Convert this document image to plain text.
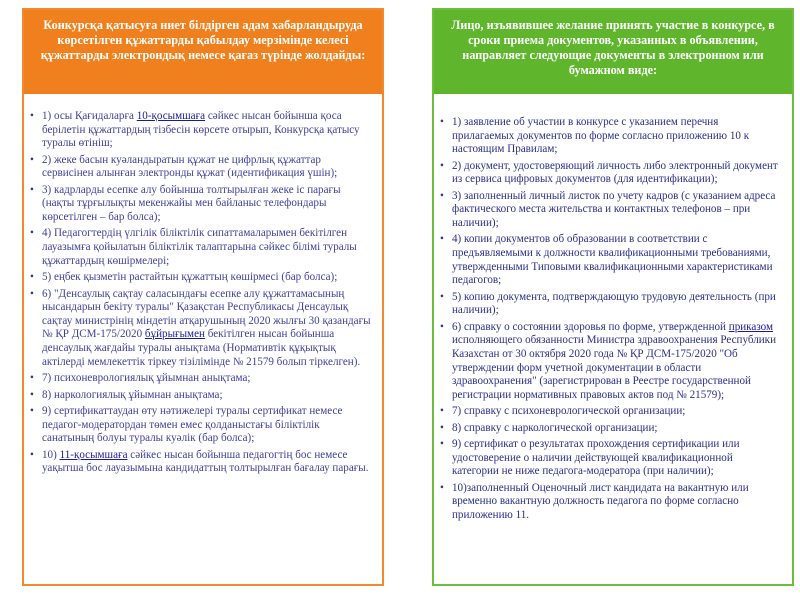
Конкурсқа қатысуға ниет білдірген адам хабарландыруда көрсетілген құжаттарды қабылдау мерзімінде келесі құжаттарды электрондық немесе қағаз түрінде жолдайды:
• 1) осы Қағидаларға 10-қосымшаға сәйкес нысан бойынша қоса берілетін құжаттардың тізбесін көрсете отырып, Конкурсқа қатысу туралы өтініш;
• 2) жеке басын куәландыратын құжат не цифрлық құжаттар сервисінен алынған электронды құжат (идентификация үшін);
• 3) кадрларды есепке алу бойынша толтырылған жеке іс парағы (нақты тұрғылықты мекенжайы мен байланыс телефондары көрсетілген – бар болса);
• 4) Педагогтердің үлгілік біліктілік сипаттамаларымен бекітілген лауазымға қойылатын біліктілік талаптарына сәйкес білімі туралы құжаттардың көшірмелері;
• 5) еңбек қызметін растайтын құжаттың көшірмесі (бар болса);
• 6) "Денсаулық сақтау саласындағы есепке алу құжаттамасының нысандарын бекіту туралы" Қазақстан Республикасы Денсаулық сақтау министрінің міндетін атқарушының 2020 жылғы 30 қазандағы № ҚР ДСМ-175/2020 бұйрығымен бекітілген нысан бойынша денсаулық жағдайы туралы анықтама (Нормативтік құқықтық актілерді мемлекеттік тіркеу тізілімінде № 21579 болып тіркелген).
• 7) психоневрологиялық ұйымнан анықтама;
• 8) наркологиялық ұйымнан анықтама;
• 9) сертификаттаудан өту нәтижелері туралы сертификат немесе педагог-модератордан төмен емес қолданыстағы біліктілік санатының болуы туралы куәлік (бар болса);
• 10) 11-қосымшаға сәйкес нысан бойынша педагогтің бос немесе уақытша бос лауазымына кандидаттың толтырылған бағалау парағы.
Лицо, изъявившее желание принять участие в конкурсе, в сроки приема документов, указанных в объявлении, направляет следующие документы в электронном или бумажном виде:
• 1) заявление об участии в конкурсе с указанием перечня прилагаемых документов по форме согласно приложению 10 к настоящим Правилам;
• 2) документ, удостоверяющий личность либо электронный документ из сервиса цифровых документов (для идентификации);
• 3) заполненный личный листок по учету кадров (с указанием адреса фактического места жительства и контактных телефонов – при наличии);
• 4) копии документов об образовании в соответствии с предъявляемыми к должности квалификационными требованиями, утвержденными Типовыми квалификационными характеристиками педагогов;
• 5) копию документа, подтверждающую трудовую деятельность (при наличии);
• 6) справку о состоянии здоровья по форме, утвержденной приказом исполняющего обязанности Министра здравоохранения Республики Казахстан от 30 октября 2020 года № ҚР ДСМ-175/2020 "Об утверждении форм учетной документации в области здравоохранения" (зарегистрирован в Реестре государственной регистрации нормативных правовых актов под № 21579);
• 7) справку с психоневрологической организации;
• 8) справку с наркологической организации;
• 9) сертификат о результатах прохождения сертификации или удостоверение о наличии действующей квалификационной категории не ниже педагога-модератора (при наличии);
• 10)заполненный Оценочный лист кандидата на вакантную или временно вакантную должность педагога по форме согласно приложению 11.
